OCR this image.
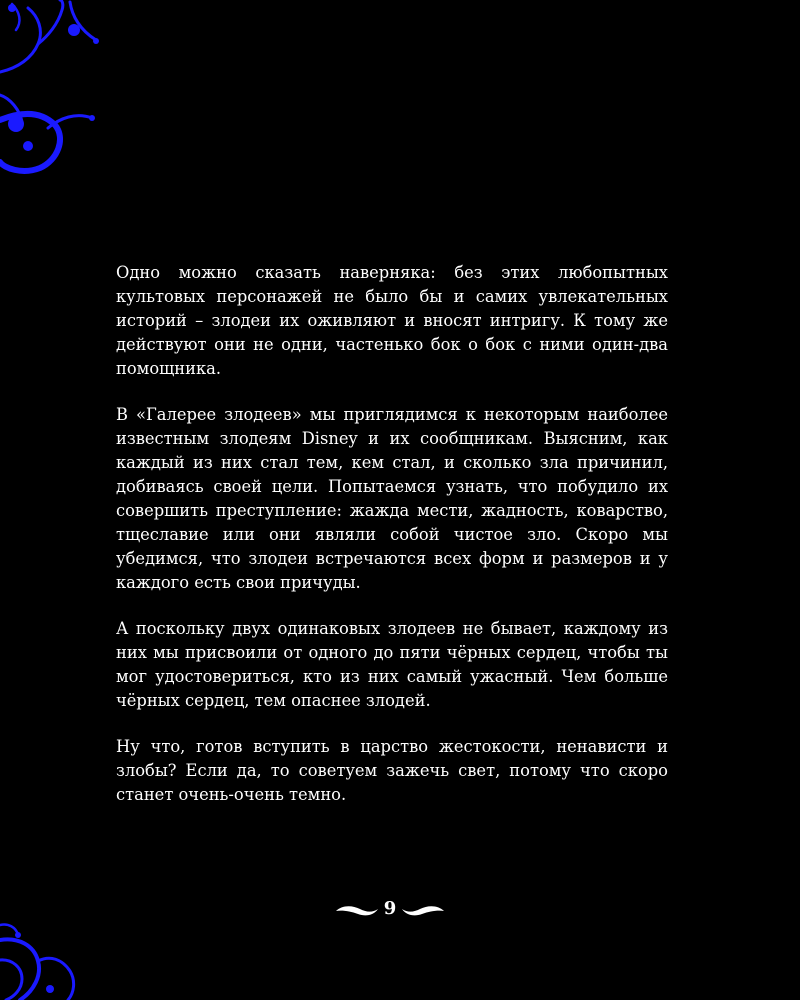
Одно можно сказать наверняка: без этих любопытных культовых персонажей не было бы и самих увлекательных историй – злодеи их оживляют и вносят интригу. К тому же действуют они не одни, частенько бок о бок с ними один-два помощника.

В «Галерее злодеев» мы приглядимся к некоторым наиболее известным злодеям Disney и их сообщникам. Выясним, как каждый из них стал тем, кем стал, и сколько зла причинил, добиваясь своей цели. Попытаемся узнать, что побудило их совершить преступление: жажда мести, жадность, коварство, тщеславие или они являли собой чистое зло. Скоро мы убедимся, что злодеи встречаются всех форм и размеров и у каждого есть свои причуды.

А поскольку двух одинаковых злодеев не бывает, каждому из них мы присвоили от одного до пяти чёрных сердец, чтобы ты мог удостовериться, кто из них самый ужасный. Чем больше чёрных сердец, тем опаснее злодей.

Ну что, готов вступить в царство жестокости, ненависти и злобы? Если да, то советуем зажечь свет, потому что скоро станет очень-очень темно.

9
